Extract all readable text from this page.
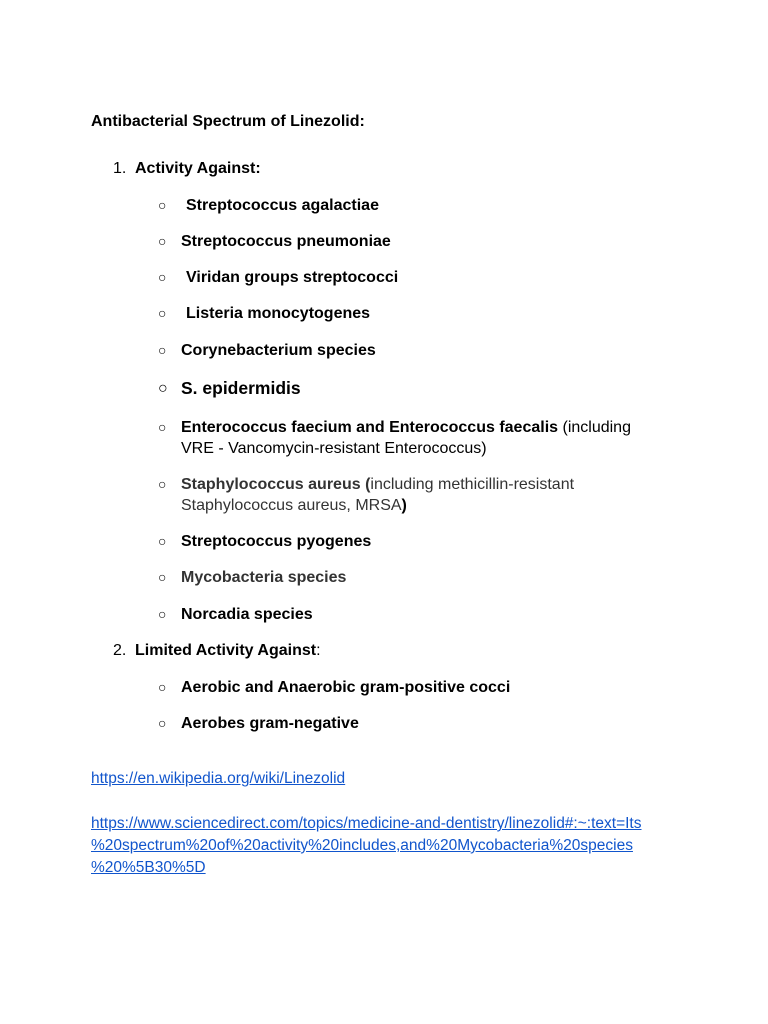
Antibacterial Spectrum of Linezolid:
1. Activity Against:
○ Streptococcus agalactiae
○ Streptococcus pneumoniae
○ Viridan groups streptococci
○ Listeria monocytogenes
○ Corynebacterium species
○ S. epidermidis
○ Enterococcus faecium and Enterococcus faecalis (including
VRE - Vancomycin-resistant Enterococcus)
○ Staphylococcus aureus (including methicillin-resistant
Staphylococcus aureus, MRSA)
○ Streptococcus pyogenes
○ Mycobacteria species
○ Norcadia species
2. Limited Activity Against:
○ Aerobic and Anaerobic gram-positive cocci
○ Aerobes gram-negative
https://en.wikipedia.org/wiki/Linezolid
https://www.sciencedirect.com/topics/medicine-and-dentistry/linezolid#:~:text=Its
%20spectrum%20of%20activity%20includes,and%20Mycobacteria%20species
%20%5B30%5D
